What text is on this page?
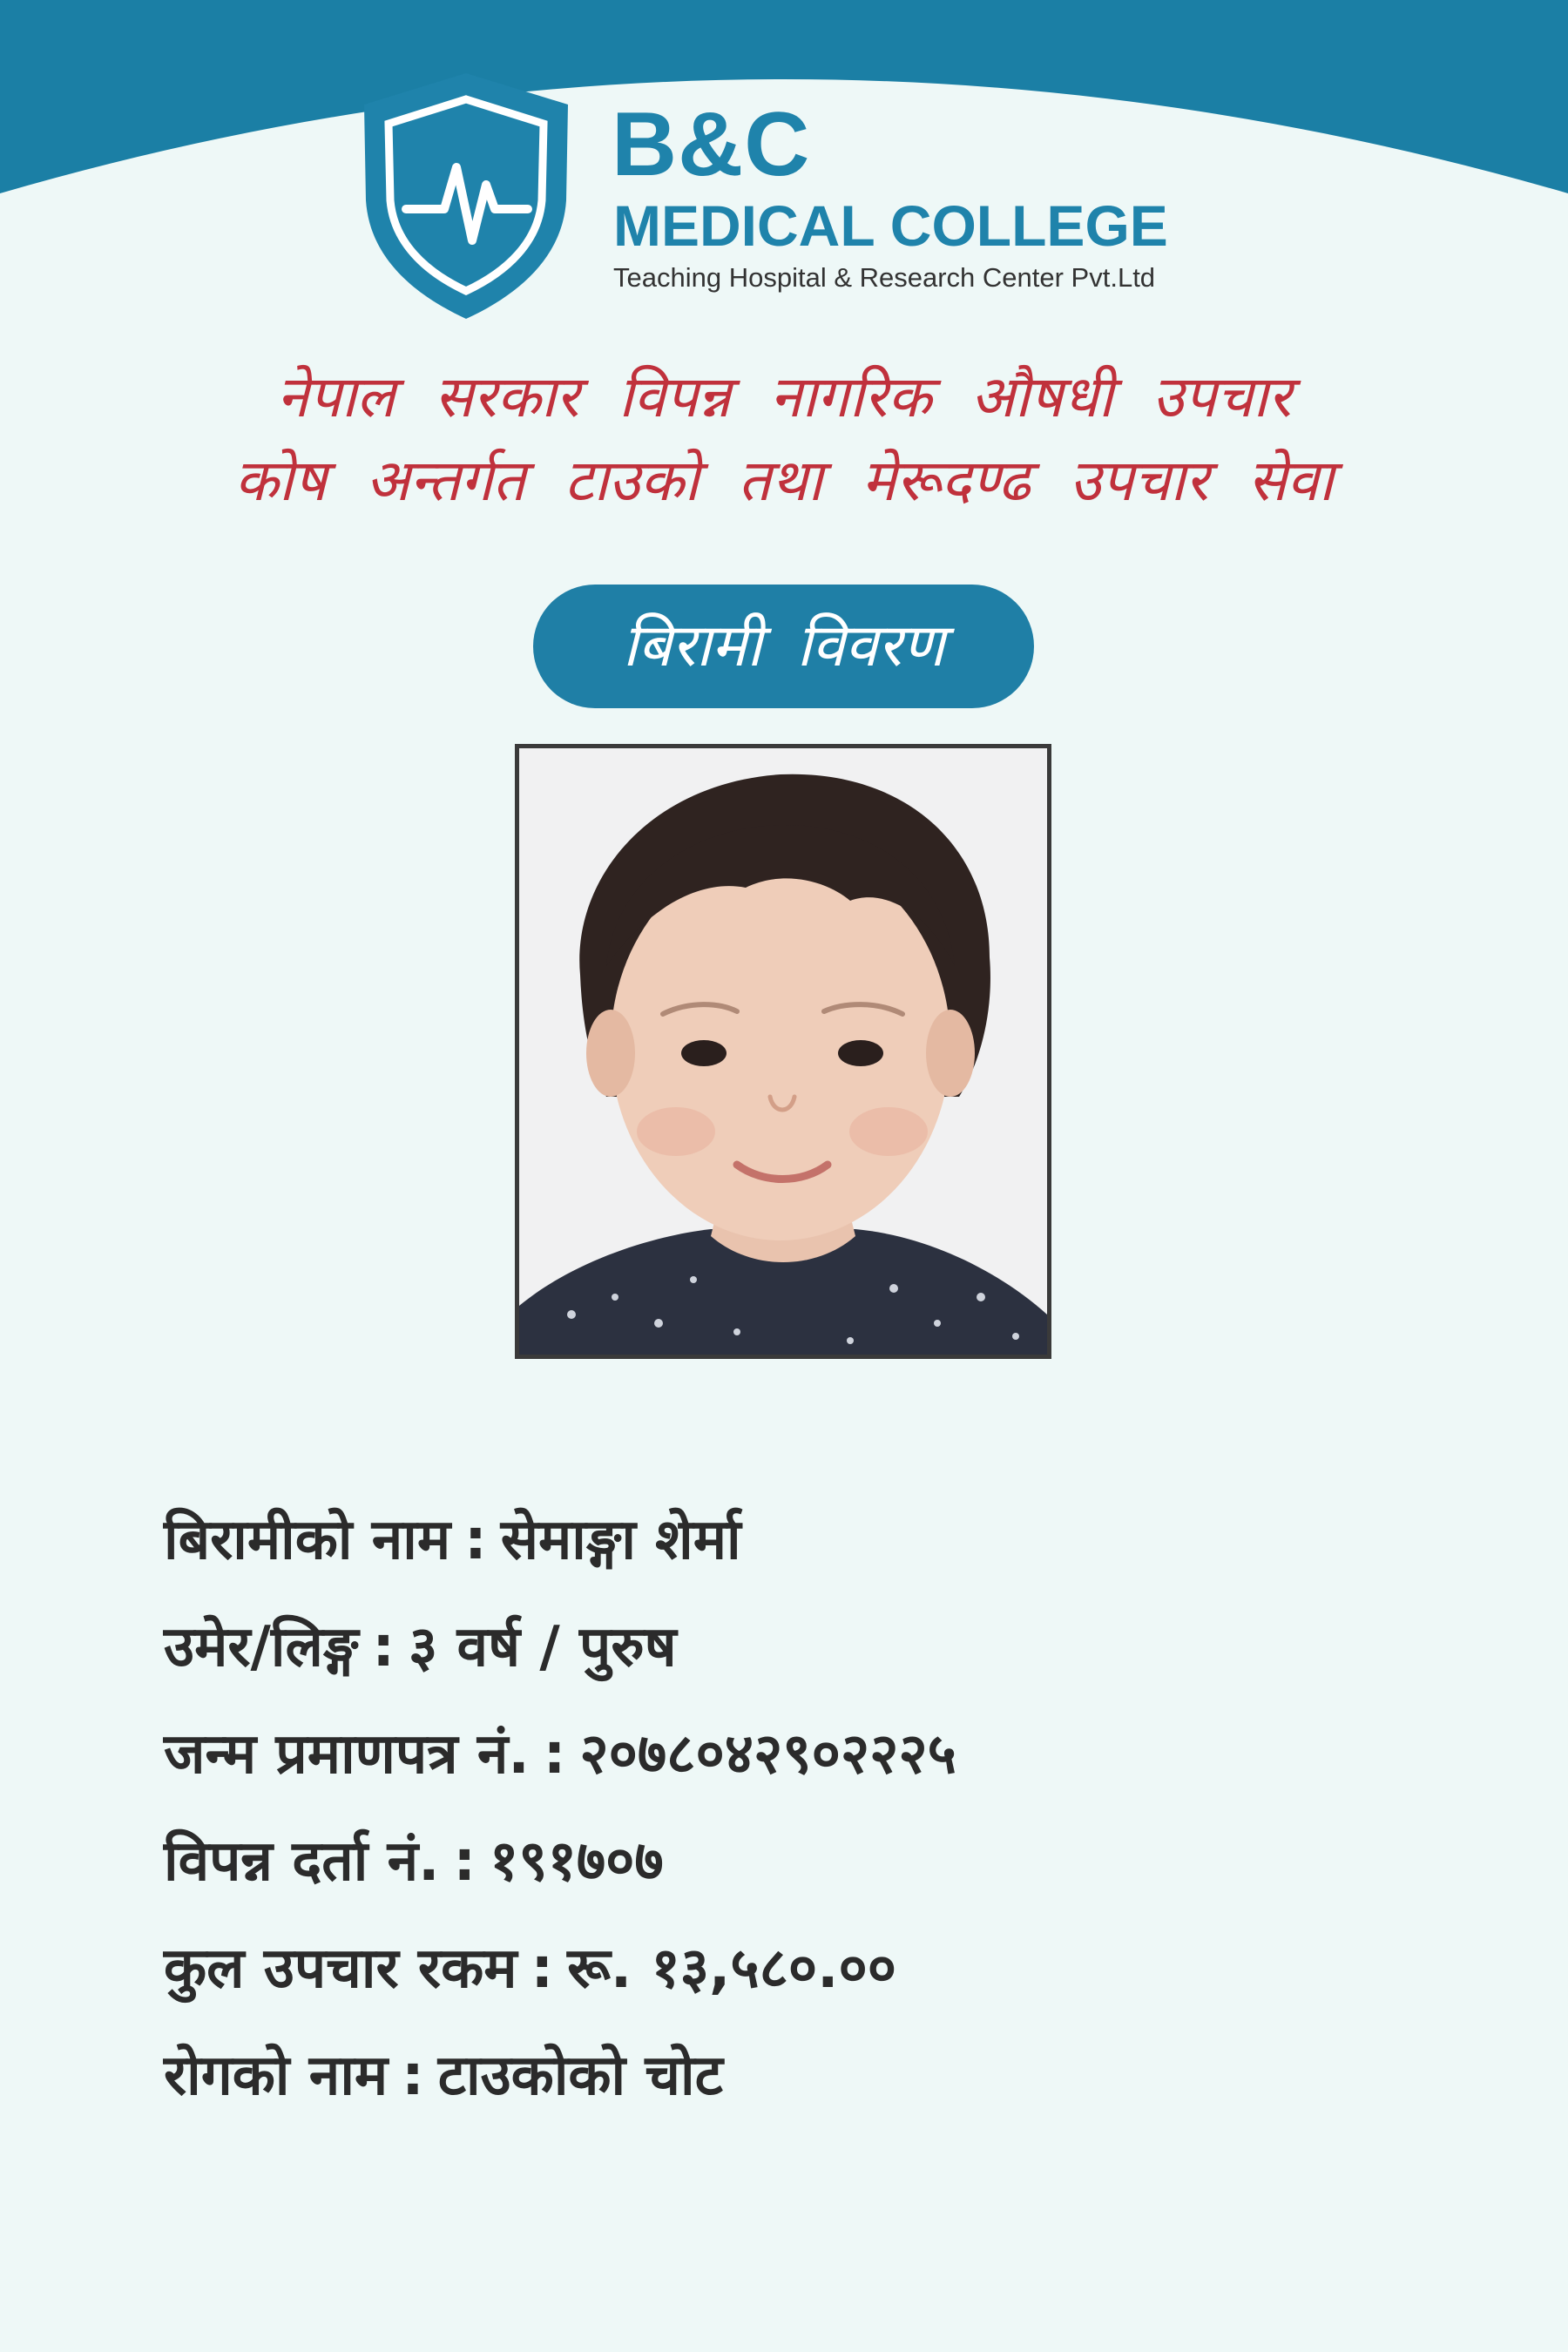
B&C
MEDICAL COLLEGE
Teaching Hospital & Research Center Pvt.Ltd
नेपाल सरकार विपन्न नागरिक औषधी उपचार
कोष अन्तर्गत टाउको तथा मेरूदण्ढ उपचार सेवा
बिरामी विवरण
बिरामीको नाम : सेमाङ्गा शेर्मा
उमेर/लिङ्ग : ३ वर्ष / पुरुष
जन्म प्रमाणपत्र नं. : २०७८०४२९०२२२५
विपन्न दर्ता नं. : १९१७०७
कुल उपचार रकम : रू. १३,५८०.००
रोगको नाम : टाउकोको चोट
